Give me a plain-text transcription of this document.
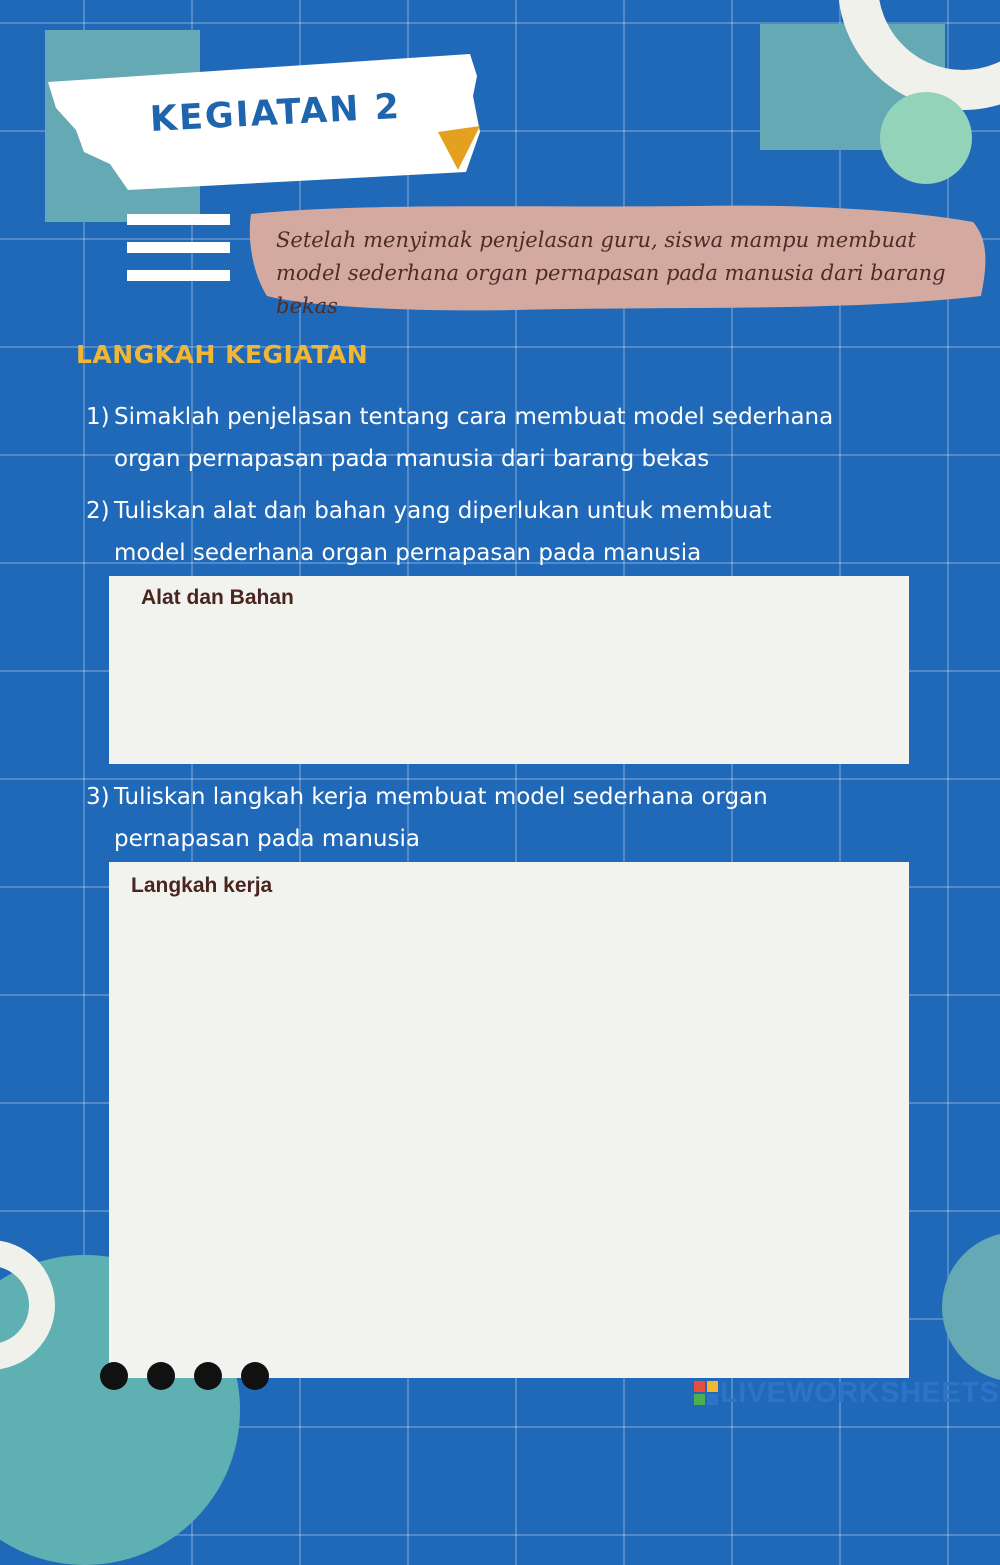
KEGIATAN 2
Setelah menyimak penjelasan guru, siswa mampu membuat model sederhana organ pernapasan pada manusia dari barang bekas
LANGKAH KEGIATAN
1) Simaklah penjelasan tentang cara membuat model sederhana
organ pernapasan pada manusia dari barang bekas
2) Tuliskan alat dan bahan yang diperlukan untuk membuat
model sederhana organ pernapasan pada manusia
Alat dan Bahan
3) Tuliskan langkah kerja membuat model sederhana organ
pernapasan pada manusia
Langkah kerja
LIVEWORKSHEETS
